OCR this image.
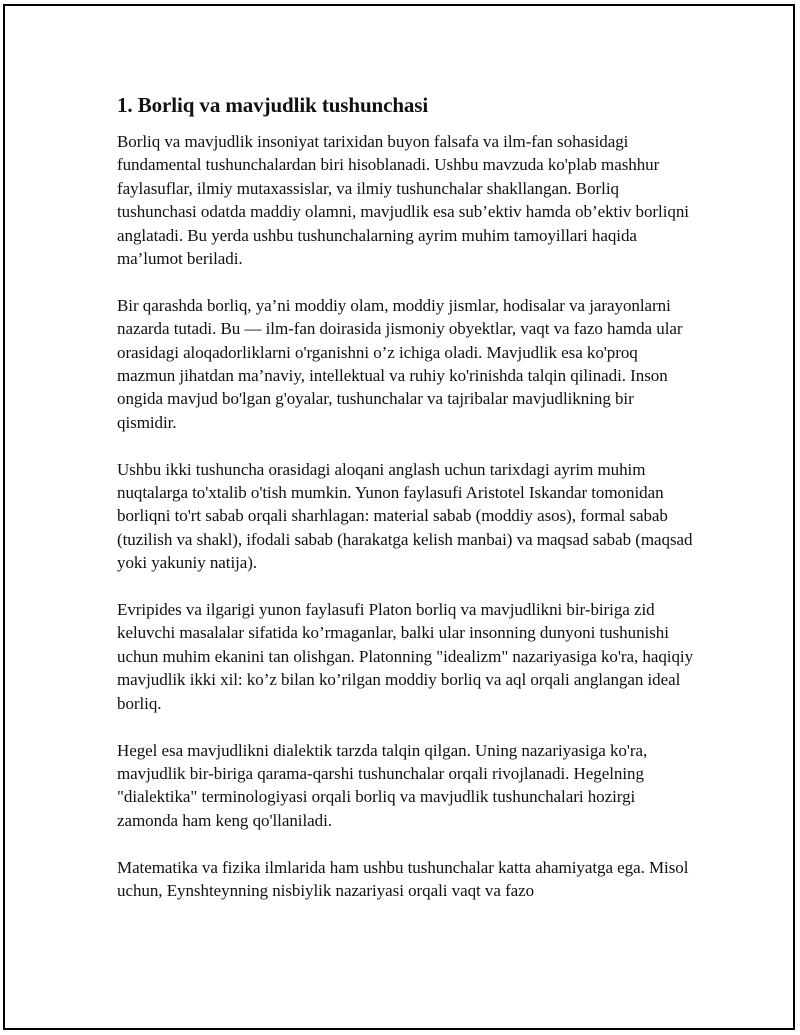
1. Borliq va mavjudlik tushunchasi

Borliq va mavjudlik insoniyat tarixidan buyon falsafa va ilm-fan sohasidagi fundamental tushunchalardan biri hisoblanadi. Ushbu mavzuda ko'plab mashhur faylasuflar, ilmiy mutaxassislar, va ilmiy tushunchalar shakllangan. Borliq tushunchasi odatda maddiy olamni, mavjudlik esa sub’ektiv hamda ob’ektiv borliqni anglatadi. Bu yerda ushbu tushunchalarning ayrim muhim tamoyillari haqida ma’lumot beriladi.

Bir qarashda borliq, ya’ni moddiy olam, moddiy jismlar, hodisalar va jarayonlarni nazarda tutadi. Bu — ilm-fan doirasida jismoniy obyektlar, vaqt va fazo hamda ular orasidagi aloqadorliklarni o'rganishni o’z ichiga oladi. Mavjudlik esa ko'proq mazmun jihatdan ma’naviy, intellektual va ruhiy ko'rinishda talqin qilinadi. Inson ongida mavjud bo'lgan g'oyalar, tushunchalar va tajribalar mavjudlikning bir qismidir.

Ushbu ikki tushuncha orasidagi aloqani anglash uchun tarixdagi ayrim muhim nuqtalarga to'xtalib o'tish mumkin. Yunon faylasufi Aristotel Iskandar tomonidan borliqni to'rt sabab orqali sharhlagan: material sabab (moddiy asos), formal sabab (tuzilish va shakl), ifodali sabab (harakatga kelish manbai) va maqsad sabab (maqsad yoki yakuniy natija).

Evripides va ilgarigi yunon faylasufi Platon borliq va mavjudlikni bir-biriga zid keluvchi masalalar sifatida ko’rmaganlar, balki ular insonning dunyoni tushunishi uchun muhim ekanini tan olishgan. Platonning "idealizm" nazariyasiga ko'ra, haqiqiy mavjudlik ikki xil: ko’z bilan ko’rilgan moddiy borliq va aql orqali anglangan ideal borliq.

Hegel esa mavjudlikni dialektik tarzda talqin qilgan. Uning nazariyasiga ko'ra, mavjudlik bir-biriga qarama-qarshi tushunchalar orqali rivojlanadi. Hegelning "dialektika" terminologiyasi orqali borliq va mavjudlik tushunchalari hozirgi zamonda ham keng qo'llaniladi.

Matematika va fizika ilmlarida ham ushbu tushunchalar katta ahamiyatga ega. Misol uchun, Eynshteynning nisbiylik nazariyasi orqali vaqt va fazo
